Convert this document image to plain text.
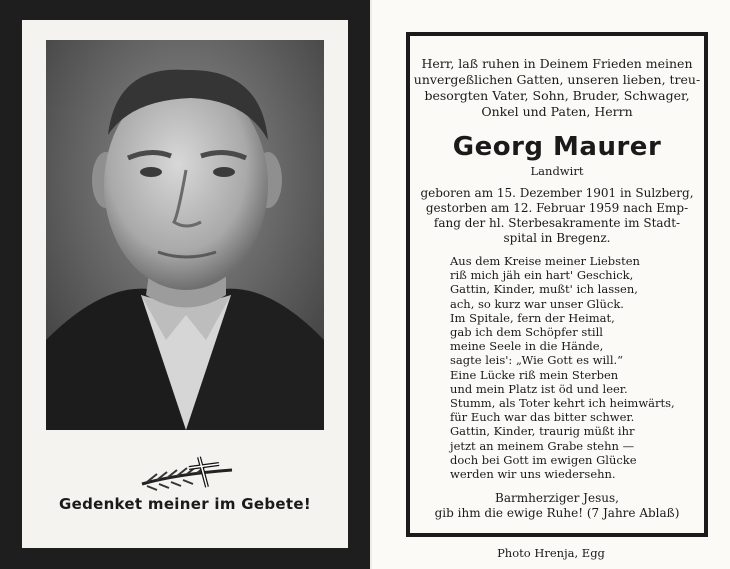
Gedenket meiner im Gebete!
Herr, laß ruhen in Deinem Frieden meinen
unvergeßlichen Gatten, unseren lieben, treu-
besorgten Vater, Sohn, Bruder, Schwager,
Onkel und Paten, Herrn
Georg Maurer
Landwirt
geboren am 15. Dezember 1901 in Sulzberg,
gestorben am 12. Februar 1959 nach Emp-
fang der hl. Sterbesakramente im Stadt-
spital in Bregenz.
Aus dem Kreise meiner Liebsten
riß mich jäh ein hart' Geschick,
Gattin, Kinder, mußt' ich lassen,
ach, so kurz war unser Glück.
Im Spitale, fern der Heimat,
gab ich dem Schöpfer still
meine Seele in die Hände,
sagte leis': „Wie Gott es will.“
Eine Lücke riß mein Sterben
und mein Platz ist öd und leer.
Stumm, als Toter kehrt ich heimwärts,
für Euch war das bitter schwer.
Gattin, Kinder, traurig müßt ihr
jetzt an meinem Grabe stehn —
doch bei Gott im ewigen Glücke
werden wir uns wiedersehn.
Barmherziger Jesus,
gib ihm die ewige Ruhe! (7 Jahre Ablaß)
Photo Hrenja, Egg
